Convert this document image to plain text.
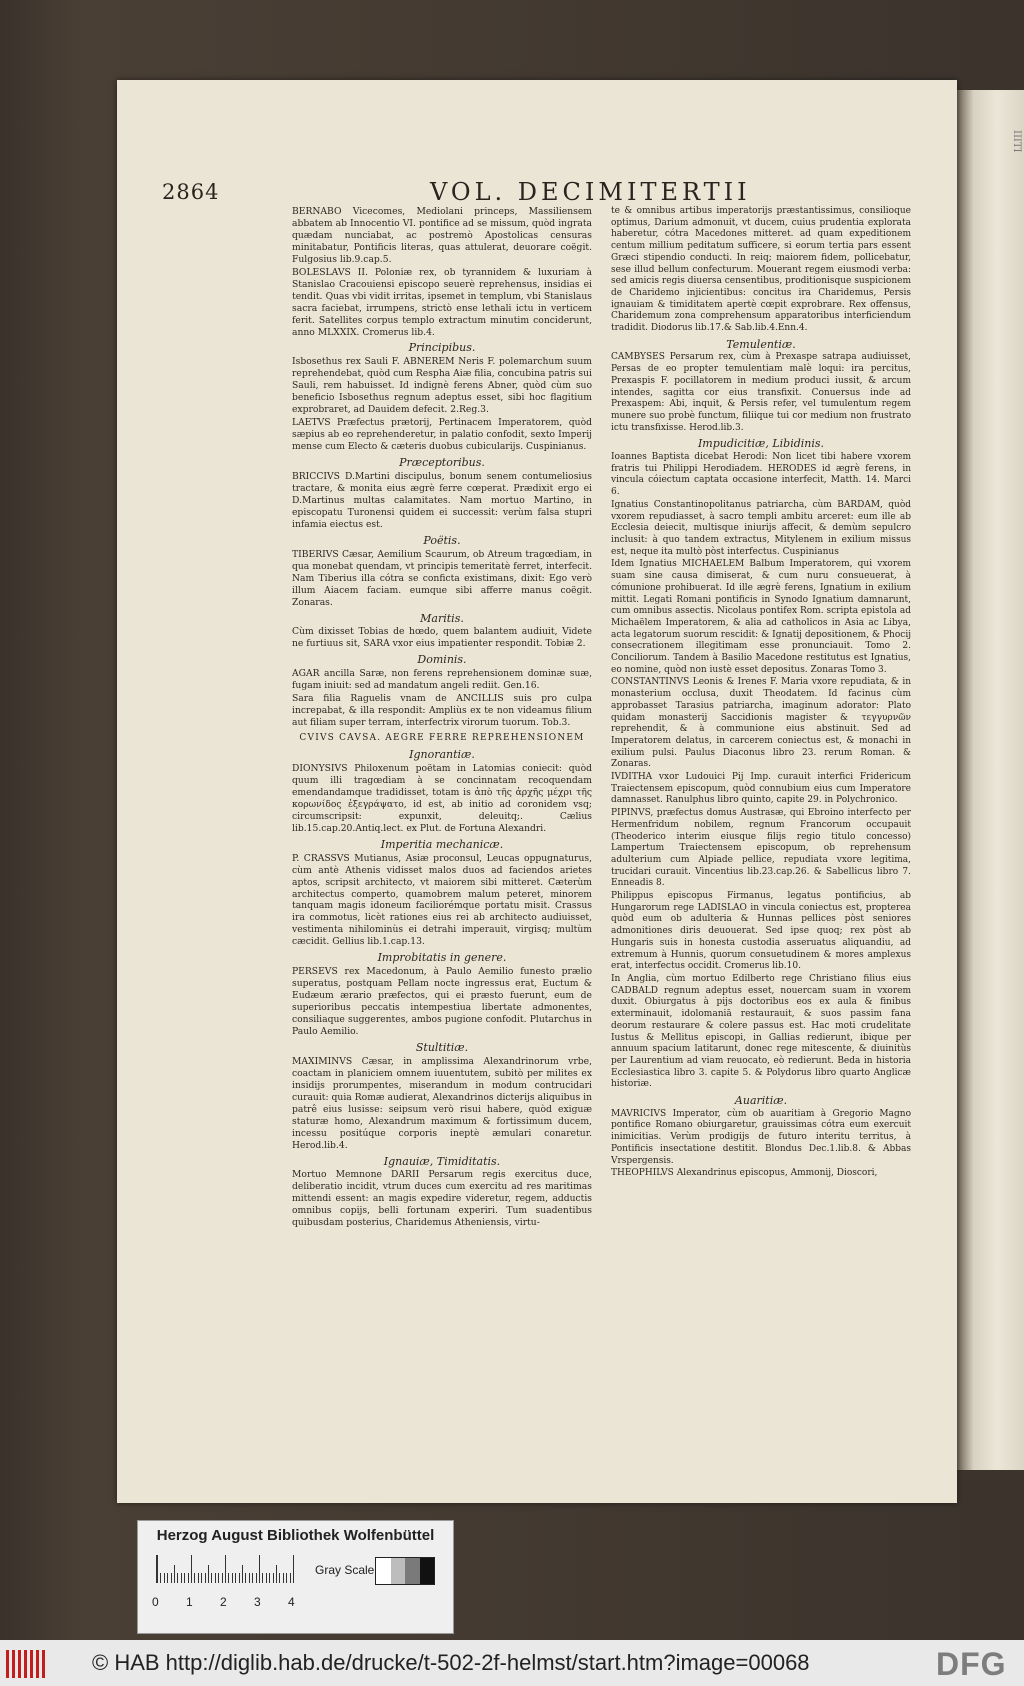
IIITI
2864	VOL. DECIMITERTII

BERNABO Vicecomes, Mediolani princeps, Massiliensem abbatem ab Innocentio VI. pontifice ad se missum, quòd ingrata quædam nunciabat, ac postremò Apostolicas censuras minitabatur, Pontificis literas, quas attulerat, deuorare coëgit. Fulgosius lib.9.cap.5.

BOLESLAVS II. Poloniæ rex, ob tyrannidem & luxuriam à Stanislao Cracouiensi episcopo seuerè reprehensus, insidias ei tendit. Quas vbi vidit irritas, ipsemet in templum, vbi Stanislaus sacra faciebat, irrumpens, strictò ense lethali ictu in verticem ferit. Satellites corpus templo extractum minutim conciderunt, anno MLXXIX. Cromerus lib.4.

Principibus.

Isbosethus rex Sauli F. ABNEREM Neris F. polemarchum suum reprehendebat, quòd cum Respha Aiæ filia, concubina patris sui Sauli, rem habuisset. Id indignè ferens Abner, quòd cùm suo beneficio Isbosethus regnum adeptus esset, sibi hoc flagitium exprobraret, ad Dauidem defecit. 2.Reg.3.

LAETVS Præfectus prætorij, Pertinacem Imperatorem, quòd sæpius ab eo reprehenderetur, in palatio confodit, sexto Imperij mense cum Electo & cæteris duobus cubicularijs. Cuspinianus.

Præceptoribus.

BRICCIVS D.Martini discipulus, bonum senem contumeliosius tractare, & monita eius ægrè ferre cœperat. Prædixit ergo ei D.Martinus multas calamitates. Nam mortuo Martino, in episcopatu Turonensi quidem ei successit: verùm falsa stupri infamia eiectus est.

Poëtis.

TIBERIVS Cæsar, Aemilium Scaurum, ob Atreum tragœdiam, in qua monebat quendam, vt principis temeritatè ferret, interfecit. Nam Tiberius illa cótra se conficta existimans, dixit: Ego verò illum Aiacem faciam. eumque sibi afferre manus coëgit. Zonaras.

Maritis.

Cùm dixisset Tobias de hœdo, quem balantem audiuit, Videte ne furtiuus sit, SARA vxor eius impatienter respondit. Tobiæ 2.

Dominis.

AGAR ancilla Saræ, non ferens reprehensionem dominæ suæ, fugam iniuit: sed ad mandatum angeli rediit. Gen.16.

Sara filia Raguelis vnam de ANCILLIS suis pro culpa increpabat, & illa respondit: Ampliùs ex te non videamus filium aut filiam super terram, interfectrix virorum tuorum. Tob.3.

CVIVS CAVSA. AEGRE FERRE REPREHENSIONEM
Ignorantiæ.

DIONYSIVS Philoxenum poëtam in Latomias coniecit: quòd quum illi tragœdiam à se concinnatam recoquendam emendandamque tradidisset, totam is ἀπὸ τῆς ἀρχῆς μέχρι τῆς κορωνίδος ἐξεγράψατο, id est, ab initio ad coronidem vsq; circumscripsit: expunxit, deleuitq;. Cælius lib.15.cap.20.Antiq.lect. ex Plut. de Fortuna Alexandri.

Imperitia mechanicæ.

P. CRASSVS Mutianus, Asiæ proconsul, Leucas oppugnaturus, cùm antè Athenis vidisset malos duos ad faciendos arietes aptos, scripsit architecto, vt maiorem sibi mitteret. Cæterùm architectus comperto, quamobrem malum peteret, minorem tanquam magis idoneum faciliorémque portatu misit. Crassus ira commotus, licèt rationes eius rei ab architecto audiuisset, vestimenta nihilominùs ei detrahi imperauit, virgisq; multùm cæcidit. Gellius lib.1.cap.13.

Improbitatis in genere.

PERSEVS rex Macedonum, à Paulo Aemilio funesto prælio superatus, postquam Pellam nocte ingressus erat, Euctum & Eudæum ærario præfectos, qui ei præsto fuerunt, eum de superioribus peccatis intempestiua libertate admonentes, consiliaque suggerentes, ambos pugione confodit. Plutarchus in Paulo Aemilio.

Stultitiæ.

MAXIMINVS Cæsar, in amplissima Alexandrinorum vrbe, coactam in planiciem omnem iuuentutem, subitò per milites ex insidijs prorumpentes, miserandum in modum contrucidari curauit: quia Romæ audierat, Alexandrinos dicterijs aliquibus in patrê eius lusisse: seipsum verò risui habere, quòd exiguæ staturæ homo, Alexandrum maximum & fortissimum ducem, incessu positúque corporis ineptè æmulari conaretur. Herod.lib.4.

Ignauiæ, Timiditatis.

Mortuo Memnone DARII Persarum regis exercitus duce, deliberatio incidit, vtrum duces cum exercitu ad res maritimas mittendi essent: an magis expedire videretur, regem, adductis omnibus copijs, belli fortunam experiri. Tum suadentibus quibusdam posterius, Charidemus Atheniensis, virtu-

te & omnibus artibus imperatorijs præstantissimus, consilioque optimus, Darium admonuit, vt ducem, cuius prudentia explorata haberetur, cótra Macedones mitteret. ad quam expeditionem centum millium peditatum sufficere, si eorum tertia pars essent Græci stipendio conducti. In reiq; maiorem fidem, pollicebatur, sese illud bellum confecturum. Mouerant regem eiusmodi verba: sed amicis regis diuersa censentibus, proditionisque suspicionem de Charidemo injicientibus: concitus ira Charidemus, Persis ignauiam & timiditatem apertè cœpit exprobrare. Rex offensus, Charidemum zona comprehensum apparatoribus interficiendum tradidit. Diodorus lib.17.& Sab.lib.4.Enn.4.

Temulentiæ.

CAMBYSES Persarum rex, cùm à Prexaspe satrapa audiuisset, Persas de eo propter temulentiam malè loqui: ira percitus, Prexaspis F. pocillatorem in medium produci iussit, & arcum intendes, sagitta cor eius transfixit. Conuersus inde ad Prexaspem: Abi, inquit, & Persis refer, vel tumulentum regem munere suo probè functum, filiique tui cor medium non frustrato ictu transfixisse. Herod.lib.3.

Impudicitiæ, Libidinis.

Ioannes Baptista dicebat Herodi: Non licet tibi habere vxorem fratris tui Philippi Herodiadem. HERODES id ægrè ferens, in vincula cóiectum captata occasione interfecit, Matth. 14. Marci 6.

Ignatius Constantinopolitanus patriarcha, cùm BARDAM, quòd vxorem repudiasset, à sacro templi ambitu arceret: eum ille ab Ecclesia deiecit, multisque iniurijs affecit, & demùm sepulcro inclusit: à quo tandem extractus, Mitylenem in exilium missus est, neque ita multò pòst interfectus. Cuspinianus

Idem Ignatius MICHAELEM Balbum Imperatorem, qui vxorem suam sine causa dimiserat, & cum nuru consueuerat, à cómunione prohibuerat. Id ille ægrè ferens, Ignatium in exilium mittit. Legati Romani pontificis in Synodo Ignatium damnarunt, cum omnibus assectis. Nicolaus pontifex Rom. scripta epistola ad Michaëlem Imperatorem, & alia ad catholicos in Asia ac Libya, acta legatorum suorum rescidit: & Ignatij depositionem, & Phocij consecrationem illegitimam esse pronunciauit. Tomo 2. Conciliorum. Tandem à Basilio Macedone restitutus est Ignatius, eo nomine, quòd non iustè esset depositus. Zonaras Tomo 3.

CONSTANTINVS Leonis & Irenes F. Maria vxore repudiata, & in monasterium occlusa, duxit Theodatem. Id facinus cùm approbasset Tarasius patriarcha, imaginum adorator: Plato quidam monasterij Saccidionis magister & τεγγυρνῶν reprehendit, & à communione eius abstinuit. Sed ad Imperatorem delatus, in carcerem coniectus est, & monachi in exilium pulsi. Paulus Diaconus libro 23. rerum Roman. & Zonaras.

IVDITHA vxor Ludouici Pij Imp. curauit interfici Fridericum Traiectensem episcopum, quòd connubium eius cum Imperatore damnasset. Ranulphus libro quinto, capite 29. in Polychronico.

PIPINVS, præfectus domus Austrasæ, qui Ebroino interfecto per Hermenfridum nobilem, regnum Francorum occupauit (Theoderico interim eiusque filijs regio titulo concesso) Lampertum Traiectensem episcopum, ob reprehensum adulterium cum Alpiade pellice, repudiata vxore legitima, trucidari curauit. Vincentius lib.23.cap.26. & Sabellicus libro 7. Enneadis 8.

Philippus episcopus Firmanus, legatus pontificius, ab Hungarorum rege LADISLAO in vincula coniectus est, propterea quòd eum ob adulteria & Hunnas pellices pòst seniores admonitiones diris deuouerat. Sed ipse quoq; rex pòst ab Hungaris suis in honesta custodia asseruatus aliquandiu, ad extremum à Hunnis, quorum consuetudinem & mores amplexus erat, interfectus occidit. Cromerus lib.10.

In Anglia, cùm mortuo Edilberto rege Christiano filius eius CADBALD regnum adeptus esset, nouercam suam in vxorem duxit. Obiurgatus à pijs doctoribus eos ex aula & finibus exterminauit, idolomaniā restaurauit, & suos passim fana deorum restaurare & colere passus est. Hac moti crudelitate Iustus & Mellitus episcopi, in Gallias redierunt, ibique per annuum spacium latitarunt, donec rege mitescente, & diuinitùs per Laurentium ad viam reuocato, eò redierunt. Beda in historia Ecclesiastica libro 3. capite 5. & Polydorus libro quarto Anglicæ historiæ.

Auaritiæ.

MAVRICIVS Imperator, cùm ob auaritiam à Gregorio Magno pontifice Romano obiurgaretur, grauissimas cótra eum exercuit inimicitias. Verùm prodigijs de futuro interitu territus, à Pontificis insectatione destitit. Blondus Dec.1.lib.8. & Abbas Vrspergensis.

THEOPHILVS Alexandrinus episcopus, Ammonij, Dioscori,

Herzog August Bibliothek Wolfenbüttel
0 1 2 3 4
Gray Scale
© HAB http://diglib.hab.de/drucke/t-502-2f-helmst/start.htm?image=00068	DFG
